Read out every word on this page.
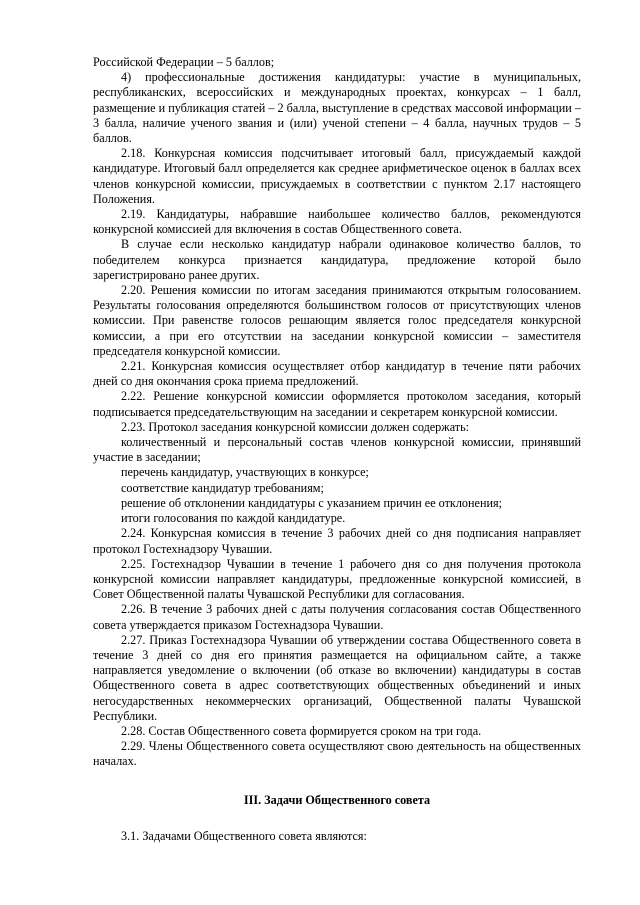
Российской Федерации – 5 баллов;

4) профессиональные достижения кандидатуры: участие в муниципальных, республиканских, всероссийских и международных проектах, конкурсах – 1 балл, размещение и публикация статей – 2 балла, выступление в средствах массовой информации – 3 балла, наличие ученого звания и (или) ученой степени – 4 балла, научных трудов – 5 баллов.

2.18. Конкурсная комиссия подсчитывает итоговый балл, присуждаемый каждой кандидатуре. Итоговый балл определяется как среднее арифметическое оценок в баллах всех членов конкурсной комиссии, присуждаемых в соответствии с пунктом 2.17 настоящего Положения.

2.19. Кандидатуры, набравшие наибольшее количество баллов, рекомендуются конкурсной комиссией для включения в состав Общественного совета.

В случае если несколько кандидатур набрали одинаковое количество баллов, то победителем конкурса признается кандидатура, предложение которой было зарегистрировано ранее других.

2.20. Решения комиссии по итогам заседания принимаются открытым голосованием. Результаты голосования определяются большинством голосов от присутствующих членов комиссии. При равенстве голосов решающим является голос председателя конкурсной комиссии, а при его отсутствии на заседании конкурсной комиссии – заместителя председателя конкурсной комиссии.

2.21. Конкурсная комиссия осуществляет отбор кандидатур в течение пяти рабочих дней со дня окончания срока приема предложений.

2.22. Решение конкурсной комиссии оформляется протоколом заседания, который подписывается председательствующим на заседании и секретарем конкурсной комиссии.

2.23. Протокол заседания конкурсной комиссии должен содержать:

количественный и персональный состав членов конкурсной комиссии, принявший участие в заседании;

перечень кандидатур, участвующих в конкурсе;

соответствие кандидатур требованиям;

решение об отклонении кандидатуры с указанием причин ее отклонения;

итоги голосования по каждой кандидатуре.

2.24. Конкурсная комиссия в течение 3 рабочих дней со дня подписания направляет протокол Гостехнадзору Чувашии.

2.25. Гостехнадзор Чувашии в течение 1 рабочего дня со дня получения протокола конкурсной комиссии направляет кандидатуры, предложенные конкурсной комиссией, в Совет Общественной палаты Чувашской Республики для согласования.

2.26. В течение 3 рабочих дней с даты получения согласования состав Общественного совета утверждается приказом Гостехнадзора Чувашии.

2.27. Приказ Гостехнадзора Чувашии об утверждении состава Общественного совета в течение 3 дней со дня его принятия размещается на официальном сайте, а также направляется уведомление о включении (об отказе во включении) кандидатуры в состав Общественного совета в адрес соответствующих общественных объединений и иных негосударственных некоммерческих организаций, Общественной палаты Чувашской Республики.

2.28. Состав Общественного совета формируется сроком на три года.

2.29. Члены Общественного совета осуществляют свою деятельность на общественных началах.

III. Задачи Общественного совета

3.1. Задачами Общественного совета являются:
